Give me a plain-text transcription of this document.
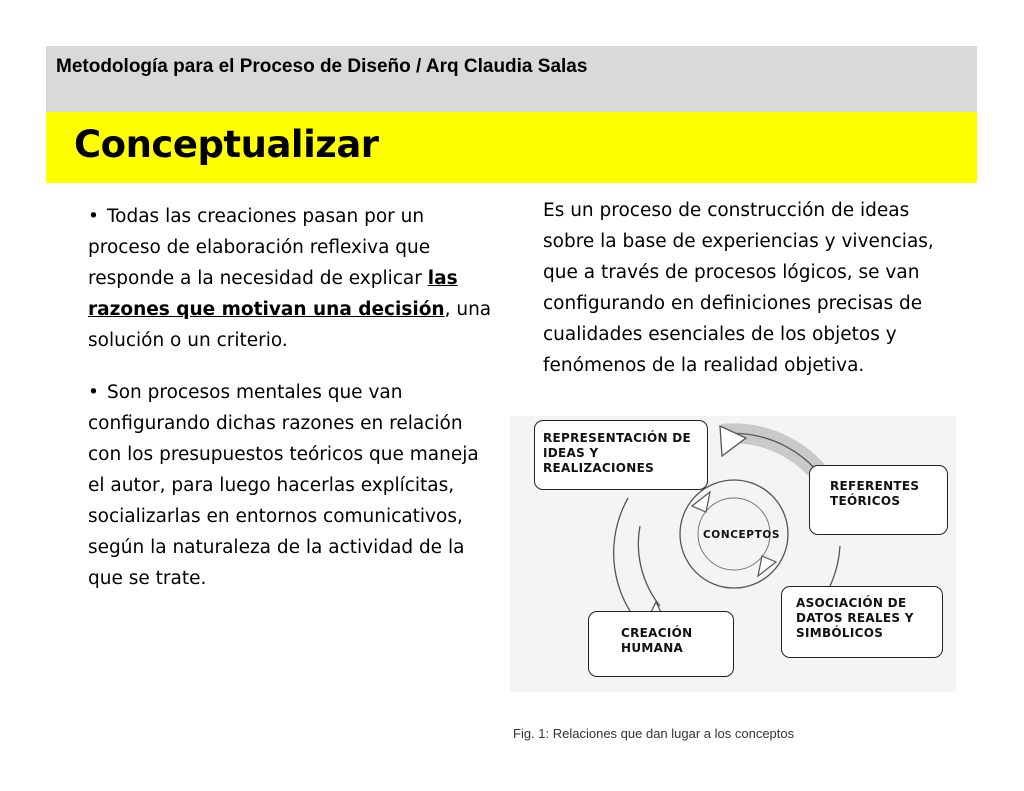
Metodología para el Proceso de Diseño / Arq Claudia Salas
Conceptualizar
• Todas las creaciones pasan por un proceso de elaboración reflexiva que responde a la necesidad de explicar las razones que motivan una decisión, una solución o un criterio.
• Son procesos mentales que van configurando dichas razones en relación con los presupuestos teóricos que maneja el autor, para luego hacerlas explícitas, socializarlas en entornos comunicativos, según la naturaleza de la actividad de la que se trate.
Es un proceso de construcción de ideas sobre la base de experiencias y vivencias, que a través de procesos lógicos, se van configurando en definiciones precisas de cualidades esenciales de los objetos y fenómenos de la realidad objetiva.
CONCEPTOS
REPRESENTACIÓN DE IDEAS Y REALIZACIONES
REFERENTES TEÓRICOS
ASOCIACIÓN DE DATOS REALES Y SIMBÓLICOS
CREACIÓN HUMANA
Fig. 1: Relaciones que dan lugar a los conceptos
